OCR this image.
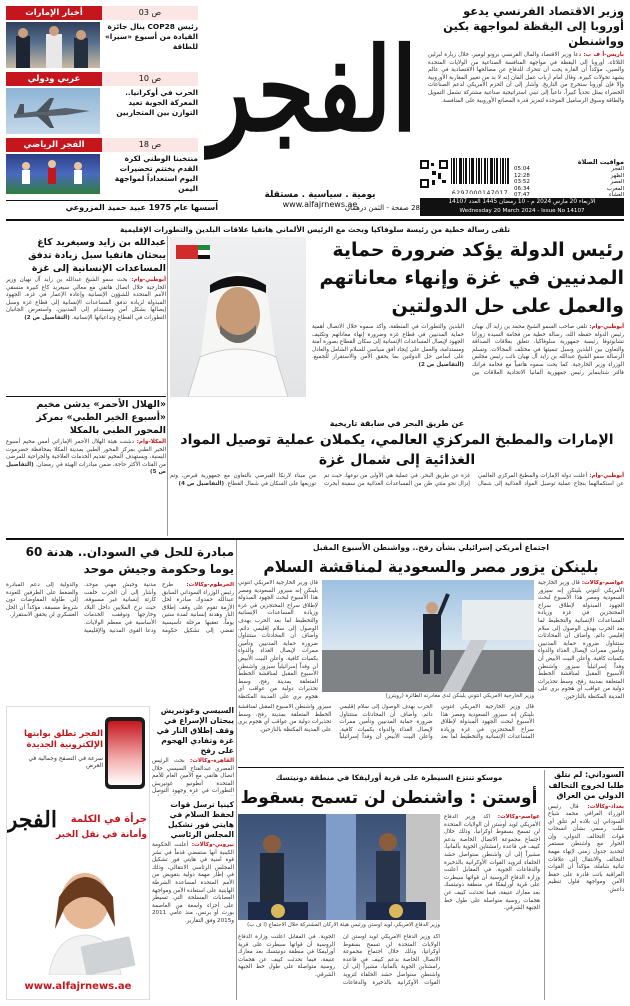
ص 03
أخبار الإمارات
رئيس COP28 ينال جائزة القيادة من أسبوع «سيرا» للطاقة
ص 10
عربي ودولي
الحرب في أوكرانيا.. المعركة الجوية تعيد التوازن بين المتحاربين
ص 18
الفجر الرياضي
منتخبنا الوطني لكرة القدم يختتم تحضيرات اليوم استعداداً لمواجهة اليمن
الفجر
يومية . سياسية . مستقلة
www.alfajrnews.ae
وزير الاقتصاد الفرنسي يدعو أوروبا إلى اليقظة لمواجهة بكين وواشنطن
باريس-أ ف ب: دعا وزير الاقتصاد والمال الفرنسي برونو لومير، خلال زيارة لبرلين الثلاثاء، أوروبا إلى اليقظة في مواجهة المنافسة الصناعية من الولايات المتحدة والصين، مؤكداً أن القارة يجب أن تتحرك للدفاع عن مصالحها الاقتصادية في عالم يشهد تحولات كبيرة. وقال أمام أرباب عمل ألمان إنه لا بد من تغيير المقاربة الأوروبية وإلا فإن أوروبا ستخرج من التاريخ. وأشار إلى أن الحزم الأمريكي لدعم الصناعات الخضراء يمثل تحدياً كبيراً، داعياً إلى تبني استراتيجية صناعية مشتركة تشمل التمويل والطاقة وسوق الرساميل الموحدة لتعزيز قدرة المصانع الأوروبية على المنافسة.
6297000147017
مواقيت الصلاة
الفجر
05:04
الظهر
12:28
العصر
03:52
المغرب
06:34
العشاء
07:47
الأربعاء 20 مارس 2024 م - 10 رمضان 1445 العدد 14107
Wednesday 20 March 2024 - Issue No 14107
أسسها عام 1975 عبيد حميد المزروعي	28 صفحة - الثمن درهمان
تلقى رسالة خطية من رئيسة سلوفاكيا وبحث مع الرئيس الألماني هاتفيا علاقات البلدين والتطورات الإقليمية
رئيس الدولة يؤكد ضرورة حماية المدنيين في غزة وإنهاء معاناتهم والعمل على حل الدولتين
أبوظبي-وام: تلقى صاحب السمو الشيخ محمد بن زايد آل نهيان رئيس الدولة حفظه الله، رسالة خطية من فخامة السيدة زوزانا تشابوتوفا رئيسة جمهورية سلوفاكيا، تتعلق بعلاقات الصداقة والتعاون بين البلدين وسبل تنميتها في مختلف المجالات. وتسلم الرسالة سمو الشيخ عبدالله بن زايد آل نهيان نائب رئيس مجلس الوزراء وزير الخارجية. كما بحث سموه هاتفياً مع فخامة فرانك فالتر شتاينماير رئيس جمهورية ألمانيا الاتحادية العلاقات بين البلدين والتطورات في المنطقة، وأكد سموه خلال الاتصال أهمية حماية المدنيين في قطاع غزة وضرورة إنهاء معاناتهم وتكثيف الجهود لإيصال المساعدات الإنسانية إلى سكان القطاع بصورة آمنة ومستدامة، والعمل على إيجاد أفق سياسي للسلام الشامل والعادل على أساس حل الدولتين بما يحقق الأمن والاستقرار للجميع. (التفاصيل ص 2)
عبدالله بن زايد وسيغريد كاغ يبحثان هاتفيا سبل زيادة تدفق المساعدات الإنسانية إلى غزة
أبوظبي-وام: بحث سمو الشيخ عبدالله بن زايد آل نهيان وزير الخارجية خلال اتصال هاتفي مع معالي سيغريد كاغ كبيرة منسقي الأمم المتحدة للشؤون الإنسانية وإعادة الإعمار في غزة، الجهود المبذولة لزيادة تدفق المساعدات الإنسانية إلى قطاع غزة وسبل إيصالها بشكل آمن ومستدام إلى المدنيين، واستعرض الجانبان التطورات في القطاع وتداعياتها الإنسانية. (التفاصيل ص 2)
«الهلال الأحمر» يدشن مخيم «أسبوع الخير الطبي» بمركز المحور الطبي بالمكلا
المكلا-وام: دشنت هيئة الهلال الأحمر الإماراتي أمس مخيم أسبوع الخير الطبي بمركز المحور الطبي بمدينة المكلا بمحافظة حضرموت اليمنية، ويستهدف المخيم تقديم الخدمات العلاجية والجراحية للمرضى من الفئات الأكثر حاجة، ضمن مبادرات الهيئة في رمضان. (التفاصيل ص 5)
عن طريق البحر في سابقة تاريخية
الإمارات والمطبخ المركزي العالمي، يكملان عملية توصيل المواد الغذائية إلى شمال غزة
أبوظبي-وام: أعلنت دولة الإمارات والمطبخ المركزي العالمي عن استكمالهما بنجاح عملية توصيل المواد الغذائية إلى شمال غزة عن طريق البحر، في عملية هي الأولى من نوعها، حيث تم إنزال نحو مئتي طن من المساعدات الغذائية من سفينة أبحرت من ميناء لارنكا القبرصي بالتعاون مع جمهورية قبرص، وتم توزيعها على السكان في شمال القطاع. (التفاصيل ص 4)
اجتماع أمريكي إسرائيلي بشأن رفح.. وواشنطن الأسبوع المقبل
بلينكن يزور مصر والسعودية لمناقشة السلام
وزير الخارجية الأمريكي أنتوني بلينكن لدى مغادرته الطائرة (رويترز)
عواصم-وكالات: قال وزير الخارجية الأمريكي أنتوني بلينكن إنه سيزور السعودية ومصر هذا الأسبوع لبحث الجهود المبذولة لإطلاق سراح المحتجزين في غزة وزيادة المساعدات الإنسانية والتخطيط لما بعد الحرب بهدف الوصول إلى سلام إقليمي دائم. وأضاف أن المحادثات ستتناول ضرورة حماية المدنيين وتأمين ممرات لإيصال الغذاء والدواء بكميات كافية. وأعلن البيت الأبيض أن وفداً إسرائيلياً سيزور واشنطن الأسبوع المقبل لمناقشة الخطط المتعلقة بمدينة رفح، وسط تحذيرات دولية من عواقب أي هجوم بري على المدينة المكتظة بالنازحين.
قال وزير الخارجية الأمريكي أنتوني بلينكن إنه سيزور السعودية ومصر هذا الأسبوع لبحث الجهود المبذولة لإطلاق سراح المحتجزين في غزة وزيادة المساعدات الإنسانية والتخطيط لما بعد الحرب بهدف الوصول إلى سلام إقليمي دائم. وأضاف أن المحادثات ستتناول ضرورة حماية المدنيين وتأمين ممرات لإيصال الغذاء والدواء بكميات كافية. وأعلن البيت الأبيض أن وفداً إسرائيلياً سيزور واشنطن الأسبوع المقبل لمناقشة الخطط المتعلقة بمدينة رفح، وسط تحذيرات دولية من عواقب أي هجوم بري على المدينة المكتظة بالنازحين.
قال وزير الخارجية الأمريكي أنتوني بلينكن إنه سيزور السعودية ومصر هذا الأسبوع لبحث الجهود المبذولة لإطلاق سراح المحتجزين في غزة وزيادة المساعدات الإنسانية والتخطيط لما بعد الحرب بهدف الوصول إلى سلام إقليمي دائم. وأضاف أن المحادثات ستتناول ضرورة حماية المدنيين وتأمين ممرات لإيصال الغذاء والدواء بكميات كافية. وأعلن البيت الأبيض أن وفداً إسرائيلياً سيزور واشنطن الأسبوع المقبل لمناقشة الخطط المتعلقة بمدينة رفح، وسط تحذيرات دولية من عواقب أي هجوم بري على المدينة المكتظة
مبادرة للحل في السودان.. هدنة 60 يوما وحكومة وجيش موحد
الخرطوم-وكالات: طرح رئيس الوزراء السوداني السابق عبدالله حمدوك مبادرة لحل الأزمة تقوم على وقف إطلاق النار وهدنة إنسانية لمدة ستين يوماً، تعقبها مرحلة تأسيسية تفضي إلى تشكيل حكومة مدنية وجيش مهني موحد. وأشار إلى أن الحرب خلفت كارثة إنسانية غير مسبوقة، حيث نزح الملايين داخل البلاد وخارجها وتوقفت الخدمات الأساسية في معظم الولايات. ودعا القوى المدنية والإقليمية والدولية إلى دعم المبادرة والضغط على الطرفين للعودة إلى طاولة المفاوضات دون شروط مسبقة، مؤكداً أن الحل العسكري لن يحقق الاستقرار.
السيسي وغوتيريش يبحثان الإسراع في وقف إطلاق النار في غزة وتفادي الهجوم على رفح
القاهرة-وكالات: بحث الرئيس المصري عبدالفتاح السيسي خلال اتصال هاتفي مع الأمين العام للأمم المتحدة أنطونيو غوتيريش التطورات في غزة وجهود التوصل
الفجر تطلق بوابتها الإلكترونية الجديدة
سرعة في التصفح وجمالية في العرض
الفجر	جرأة في الكلمة
وأمانة في نقل الخبر
www.alfajrnews.ae
السوداني: لم نتلق طلبا لخروج التحالف الدولي من العراق
بغداد-وكالات: قال رئيس الوزراء العراقي محمد شياع السوداني إن بلاده لم تتلق أي طلب رسمي بشأن انسحاب قوات التحالف الدولي، وإن الحوار مع واشنطن مستمر لتحديد جدول زمني لإنهاء مهمة التحالف والانتقال إلى علاقات ثنائية شاملة، مؤكداً أن القوات العراقية باتت قادرة على حفظ الأمن ومواجهة فلول تنظيم داعش.
موسكو تنتزع السيطرة على قرية أورليفكا في منطقة دونيتسك
أوستن : واشنطن لن تسمح بسقوط
وزير الدفاع الأمريكي لويد أوستن ورئيس هيئة الأركان المشتركة خلال الاجتماع (ا ف ب)
عواصم-وكالات: أكد وزير الدفاع الأمريكي لويد أوستن أن الولايات المتحدة لن تسمح بسقوط أوكرانيا، وذلك خلال اجتماع مجموعة الاتصال الخاصة بدعم كييف في قاعدة رامشتاين الجوية بألمانيا، مشيراً إلى أن واشنطن ستواصل حشد الحلفاء لتزويد القوات الأوكرانية بالذخيرة والدفاعات الجوية. في المقابل أعلنت وزارة الدفاع الروسية أن قواتها سيطرت على قرية أورليفكا في منطقة دونيتسك بعد معارك عنيفة، فيما تحدثت كييف عن هجمات روسية متواصلة على طول خط الجبهة الشرقي.
أكد وزير الدفاع الأمريكي لويد أوستن أن الولايات المتحدة لن تسمح بسقوط أوكرانيا، وذلك خلال اجتماع مجموعة الاتصال الخاصة بدعم كييف في قاعدة رامشتاين الجوية بألمانيا، مشيراً إلى أن واشنطن ستواصل حشد الحلفاء لتزويد القوات الأوكرانية بالذخيرة والدفاعات الجوية. في المقابل أعلنت وزارة الدفاع الروسية أن قواتها سيطرت على قرية أورليفكا في منطقة دونيتسك بعد معارك عنيفة، فيما تحدثت كييف عن هجمات روسية متواصلة على طول خط الجبهة الشرقي.
كينيا ترسل قوات لحفظ السلام في هايتي فور تشكيل المجلس الرئاسي
نيروبي-وكالات: أعلنت الحكومة الكينية أنها ستمضي قدماً في نشر قوة أمنية في هايتي فور تشكيل المجلس الرئاسي الانتقالي، وذلك في إطار مهمة دولية بتفويض من الأمم المتحدة لمساعدة الشرطة الهايتية على استعادة الأمن ومواجهة العصابات المسلحة التي تسيطر على أجزاء واسعة من العاصمة بورت أو برنس، منذ عامي 2011 و2015 وفق التقارير.
